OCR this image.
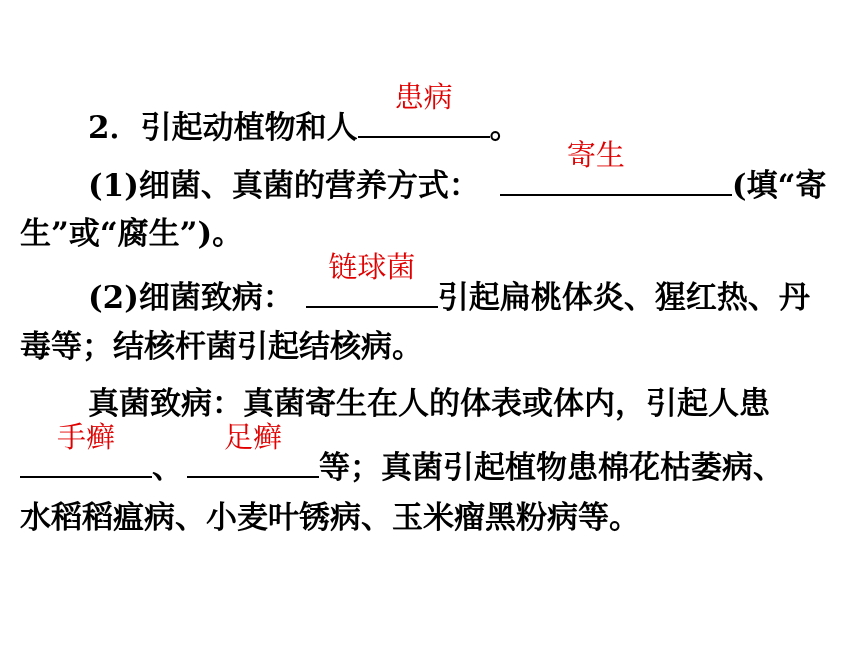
2．引起动植物和人
患病
。
(1)细菌、真菌的营养方式：
寄生
(填“寄
生”或“腐生”)。
(2)细菌致病：
链球菌
引起扁桃体炎、猩红热、丹
毒等；结核杆菌引起结核病。
真菌致病：真菌寄生在人的体表或体内，引起人患
手癣
、
足癣
等；真菌引起植物患棉花枯萎病、
水稻稻瘟病、小麦叶锈病、玉米瘤黑粉病等。
